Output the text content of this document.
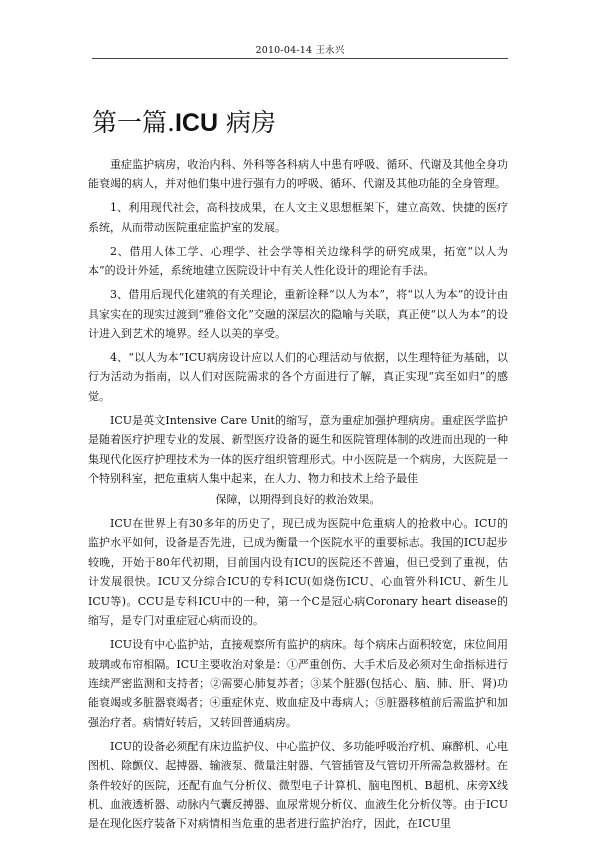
2010-04-14 王永兴
第一篇.ICU 病房

重症监护病房，收治内科、外科等各科病人中患有呼吸、循环、代谢及其他全身功能衰竭的病人，并对他们集中进行强有力的呼吸、循环、代谢及其他功能的全身管理。

1、利用现代社会，高科技成果，在人文主义思想框架下，建立高效、快捷的医疗系统，从而带动医院重症监护室的发展。

2、借用人体工学、心理学、社会学等相关边缘科学的研究成果，拓宽“以人为本”的设计外延，系统地建立医院设计中有关人性化设计的理论有手法。

3、借用后现代化建筑的有关理论，重新诠释“以人为本”，将“以人为本”的设计由具家实在的现实过渡到“雅俗文化”交融的深层次的隐喻与关联，真正使“以人为本”的设计进入到艺术的境界。经人以美的享受。

4、“以人为本”ICU病房设计应以人们的心理活动与依据，以生理特征为基础，以行为活动为指南，以人们对医院需求的各个方面进行了解，真正实现“宾至如归”的感觉。

ICU是英文Intensive Care Unit的缩写，意为重症加强护理病房。重症医学监护是随着医疗护理专业的发展、新型医疗设备的诞生和医院管理体制的改进而出现的一种集现代化医疗护理技术为一体的医疗组织管理形式。中小医院是一个病房，大医院是一个特别科室，把危重病人集中起来，在人力、物力和技术上给予最佳

保障，以期得到良好的救治效果。

ICU在世界上有30多年的历史了，现已成为医院中危重病人的抢救中心。ICU的监护水平如何，设备是否先进，已成为衡量一个医院水平的重要标志。我国的ICU起步较晚，开始于80年代初期，目前国内设有ICU的医院还不普遍，但已受到了重视，估计发展很快。ICU又分综合ICU的专科ICU(如烧伤ICU、心血管外科ICU、新生儿ICU等)。CCU是专科ICU中的一种，第一个C是冠心病Coronary heart disease的缩写，是专门对重症冠心病而设的。

ICU设有中心监护站，直接观察所有监护的病床。每个病床占面积较宽，床位间用玻璃或布帘相隔。ICU主要收治对象是：①严重创伤、大手术后及必须对生命指标进行连续严密监测和支持者；②需要心肺复苏者；③某个脏器(包括心、脑、肺、肝、肾)功能衰竭或多脏器衰竭者；④重症休克、败血症及中毒病人；⑤脏器移植前后需监护和加强治疗者。病情好转后，又转回普通病房。

ICU的设备必须配有床边监护仪、中心监护仪、多功能呼吸治疗机、麻醉机、心电图机、除颤仪、起搏器、输液泵、微量注射器、气管插管及气管切开所需急救器材。在条件较好的医院，还配有血气分析仪、微型电子计算机、脑电图机、B超机、床旁X线机、血液透析器、动脉内气囊反搏器、血尿常规分析仪、血液生化分析仪等。由于ICU是在现化医疗装备下对病情相当危重的患者进行监护治疗，因此，在ICU里
